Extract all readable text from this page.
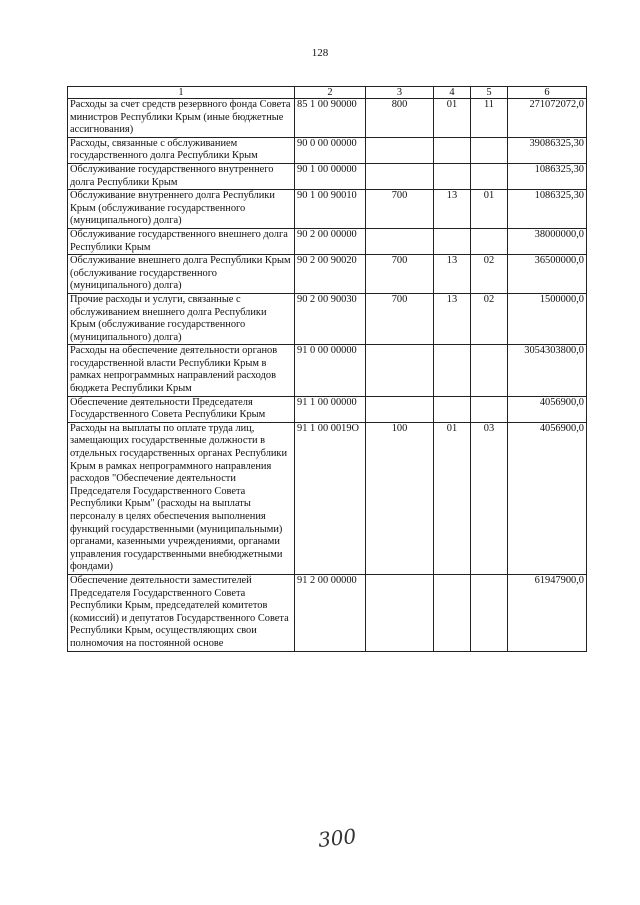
128
1	2	3	4	5	6
Расходы за счет средств резервного фонда Совета министров Республики Крым (иные бюджетные ассигнования)	85 1 00 90000	800	01	11	271072072,0
Расходы, связанные с обслуживанием государственного долга Республики Крым	90 0 00 00000				39086325,30
Обслуживание государственного внутреннего долга Республики Крым	90 1 00 00000				1086325,30
Обслуживание внутреннего долга Республики Крым (обслуживание государственного (муниципального) долга)	90 1 00 90010	700	13	01	1086325,30
Обслуживание государственного внешнего долга Республики Крым	90 2 00 00000				38000000,0
Обслуживание внешнего долга Республики Крым (обслуживание государственного (муниципального) долга)	90 2 00 90020	700	13	02	36500000,0
Прочие расходы и услуги, связанные с обслуживанием внешнего долга Республики Крым (обслуживание государственного (муниципального) долга)	90 2 00 90030	700	13	02	1500000,0
Расходы на обеспечение деятельности органов государственной власти Республики Крым в рамках непрограммных направлений расходов бюджета Республики Крым	91 0 00 00000				3054303800,0
Обеспечение деятельности Председателя Государственного Совета Республики Крым	91 1 00 00000				4056900,0
Расходы на выплаты по оплате труда лиц, замещающих государственные должности в отдельных государственных органах Республики Крым в рамках непрограммного направления расходов "Обеспечение деятельности Председателя Государственного Совета Республики Крым" (расходы на выплаты персоналу в целях обеспечения выполнения функций государственными (муниципальными) органами, казенными учреждениями, органами управления государственными внебюджетными фондами)	91 1 00 0019О	100	01	03	4056900,0
Обеспечение деятельности заместителей Председателя Государственного Совета Республики Крым, председателей комитетов (комиссий) и депутатов Государственного Совета Республики Крым, осуществляющих свои полномочия на постоянной основе	91 2 00 00000				61947900,0
300
